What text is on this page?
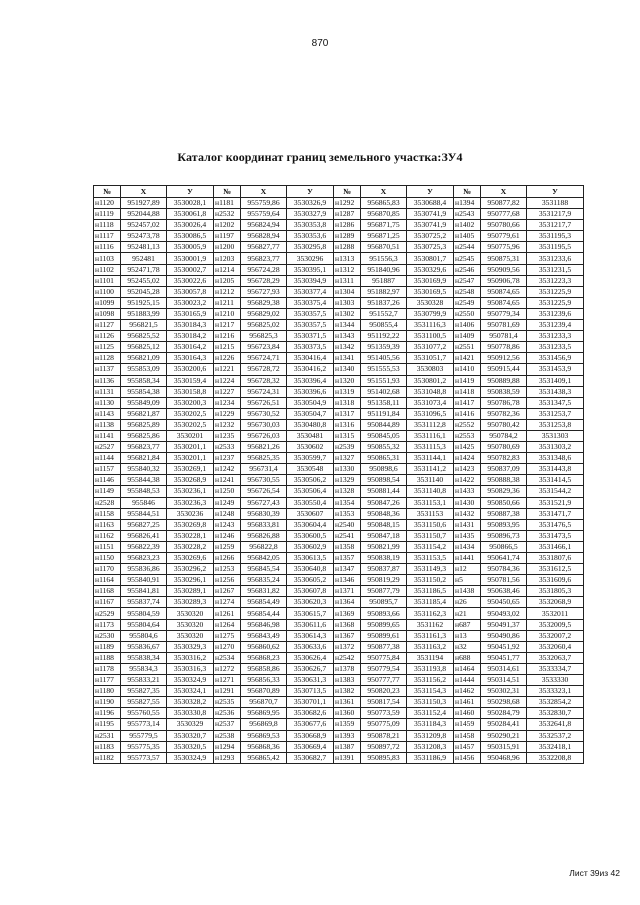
870
Каталог координат границ земельного участка:ЗУ4
№	X	У	№	X	У	№	X	У	№	X	У
н1120	951927,89	3530028,1	н1181	955759,86	3530326,9	н1292	956865,83	3530688,4	н1394	950877,82	3531188
н1119	952044,88	3530061,8	н2532	955759,64	3530327,9	н1287	956870,85	3530741,9	н2543	950777,68	3531217,9
н1118	952457,02	3530026,4	н1202	956824,94	3530353,8	н1286	956871,75	3530741,9	н1402	950780,66	3531217,7
н1117	952473,78	3530086,5	н1197	956828,94	3530353,6	н1289	956871,25	3530725,2	н1405	950779,61	3531195,3
н1116	952481,13	3530005,9	н1200	956827,77	3530295,8	н1288	956870,51	3530725,3	н2544	950775,96	3531195,5
н1103	952481	3530001,9	н1203	956823,77	3530296	н1313	951556,3	3530801,7	н2545	950875,31	3531233,6
н1102	952471,78	3530002,7	н1214	956724,28	3530395,1	н1312	951840,96	3530329,6	н2546	950909,56	3531231,5
н1101	952455,02	3530022,6	н1205	956728,29	3530394,9	н1311	951887	3530169,9	н2547	950906,78	3531223,3
н1100	952045,28	3530057,8	н1212	956727,93	3530377,4	н1304	951882,97	3530169,5	н2548	950874,65	3531225,9
н1099	951925,15	3530023,2	н1211	956829,38	3530375,4	н1303	951837,26	3530328	н2549	950874,65	3531225,9
н1098	951883,99	3530165,9	н1210	956829,02	3530357,5	н1302	951552,7	3530799,9	н2550	950779,34	3531239,6
н1127	956821,5	3530184,3	н1217	956825,02	3530357,5	н1344	950855,4	3531116,3	н1406	950781,69	3531239,4
н1126	956825,52	3530184,2	н1216	956825,3	3530371,5	н1343	951192,22	3531100,5	н1409	950781,4	3531233,3
н1125	956825,12	3530164,2	н1215	956723,84	3530373,5	н1342	951359,39	3531077,2	н2551	950778,86	3531233,5
н1128	956821,09	3530164,3	н1226	956724,71	3530416,4	н1341	951405,56	3531051,7	н1421	950912,56	3531456,9
н1137	955853,09	3530200,6	н1221	956728,72	3530416,2	н1340	951555,53	3530803	н1410	950915,44	3531453,9
н1136	955858,34	3530159,4	н1224	956728,32	3530396,4	н1320	951551,93	3530801,2	н1419	950889,88	3531409,1
н1131	955854,38	3530158,8	н1227	956724,31	3530396,6	н1319	951402,68	3531048,8	н1418	950838,59	3531438,3
н1130	955849,09	3530200,3	н1234	956726,51	3530504,9	н1318	951358,11	3531073,4	н1417	950786,78	3531347,5
н1143	956821,87	3530202,5	н1229	956730,52	3530504,7	н1317	951191,84	3531096,5	н1416	950782,36	3531253,7
н1138	956825,89	3530202,5	н1232	956730,03	3530480,8	н1316	950844,89	3531112,8	н2552	950780,42	3531253,8
н1141	956825,86	3530201	н1235	956726,03	3530481	н1315	950845,05	3531116,1	н2553	950784,2	3531303
н2527	956823,77	3530201,1	н2533	956821,26	3530602	н2539	950855,32	3531115,3	н1425	950780,69	3531303,2
н1144	956821,84	3530201,1	н1237	956825,35	3530599,7	н1327	950865,31	3531144,1	н1424	950782,83	3531348,6
н1157	955840,32	3530269,1	н1242	956731,4	3530548	н1330	950898,6	3531141,2	н1423	950837,09	3531443,8
н1146	955844,38	3530268,9	н1241	956730,55	3530506,2	н1329	950898,54	3531140	н1422	950888,38	3531414,5
н1149	955848,53	3530236,1	н1250	956726,54	3530506,4	н1328	950881,44	3531140,8	н1433	950829,36	3531544,2
н2528	955846	3530236,3	н1249	956727,43	3530550,4	н1354	950847,26	3531153,1	н1430	950850,66	3531521,9
н1158	955844,51	3530236	н1248	956830,39	3530607	н1353	950848,36	3531153	н1432	950887,38	3531471,7
н1163	956827,25	3530269,8	н1243	956833,81	3530604,4	н2540	950848,15	3531150,6	н1431	950893,95	3531476,5
н1162	956826,41	3530228,1	н1246	956826,88	3530600,5	н2541	950847,18	3531150,7	н1435	950896,73	3531473,5
н1151	956822,39	3530228,2	н1259	956822,8	3530602,9	н1358	950821,99	3531154,2	н1434	950866,5	3531466,1
н1150	956823,23	3530269,6	н1266	956842,05	3530613,5	н1357	950838,19	3531153,5	н1441	950641,74	3531807,6
н1170	955836,86	3530296,2	н1253	956845,54	3530640,8	н1347	950837,87	3531149,3	н12	950784,36	3531612,5
н1164	955840,91	3530296,1	н1256	956835,24	3530605,2	н1346	950819,29	3531150,2	н5	950781,56	3531609,6
н1168	955841,81	3530289,1	н1267	956831,82	3530607,8	н1371	950877,79	3531186,5	н1438	950638,46	3531805,3
н1167	955837,74	3530289,3	н1274	956854,49	3530620,3	н1364	950895,7	3531185,4	н26	950450,65	3532068,9
н2529	955804,59	3530320	н1261	956854,44	3530615,7	н1369	950893,66	3531162,3	н21	950493,02	3532011
н1173	955804,64	3530320	н1264	956846,98	3530611,6	н1368	950899,65	3531162	н687	950491,37	3532009,5
н2530	955804,6	3530320	н1275	956843,49	3530614,3	н1367	950899,61	3531161,3	н13	950490,86	3532007,2
н1189	955836,67	3530329,3	н1270	956860,62	3530633,6	н1372	950877,38	3531163,2	н32	950451,92	3532060,4
н1188	955838,34	3530316,2	н2534	956868,23	3530626,4	н2542	950775,84	3531194	н688	950451,77	3532063,7
н1178	955834,3	3530316,3	н1272	956858,86	3530626,7	н1378	950779,54	3531193,8	н1464	950314,61	3533334,7
н1177	955833,21	3530324,9	н1271	956856,33	3530631,3	н1383	950777,77	3531156,2	н1444	950314,51	3533330
н1180	955827,35	3530324,1	н1291	956870,89	3530713,5	н1382	950820,23	3531154,3	н1462	950302,31	3533323,1
н1190	955827,55	3530328,2	н2535	956870,7	3530701,1	н1361	950817,54	3531150,3	н1461	950298,68	3532854,2
н1196	955760,55	3530330,8	н2536	956869,95	3530682,6	н1360	950773,59	3531152,4	н1460	950284,79	3532830,7
н1195	955773,14	3530329	н2537	956869,8	3530677,6	н1359	950775,09	3531184,3	н1459	950284,41	3532641,8
н2531	955779,5	3530320,7	н2538	956869,53	3530668,9	н1393	950878,21	3531209,8	н1458	950290,21	3532537,2
н1183	955775,35	3530320,5	н1294	956868,36	3530669,4	н1387	950897,72	3531208,3	н1457	950315,91	3532418,1
н1182	955773,57	3530324,9	н1293	956865,42	3530682,7	н1391	950895,83	3531186,9	н1456	950468,96	3532208,8
Лист 39из 42
